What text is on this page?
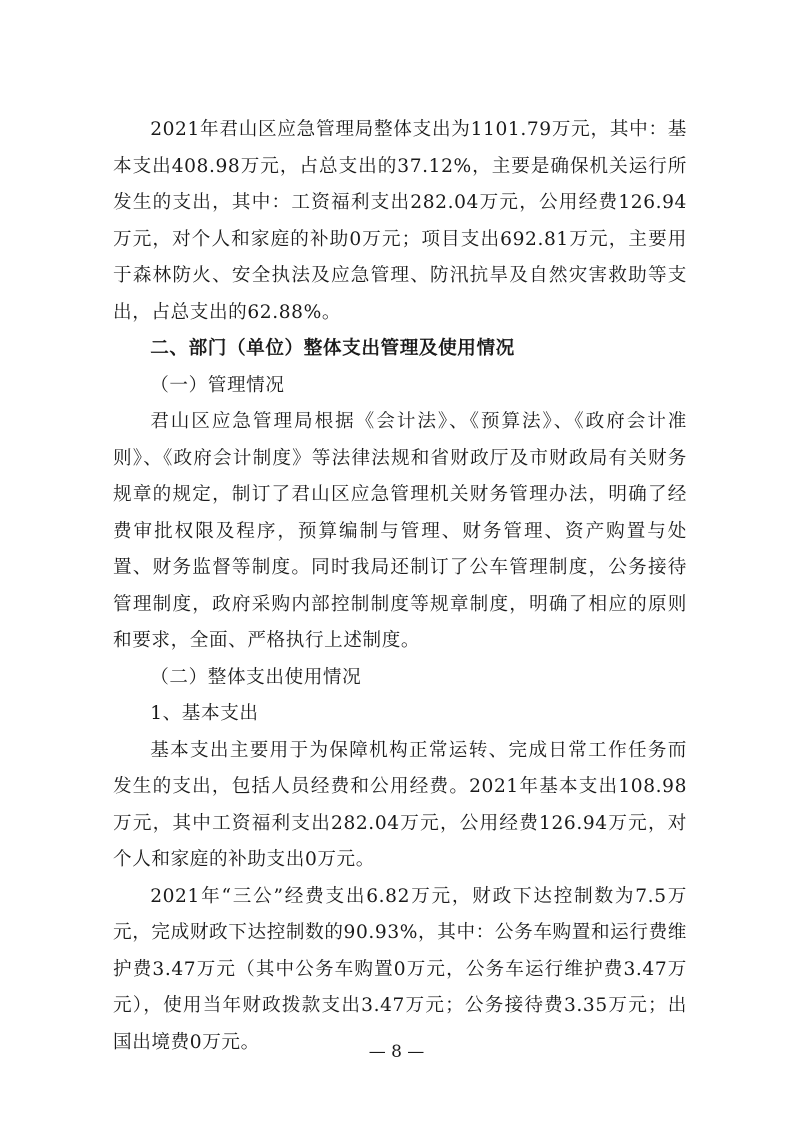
2021年君山区应急管理局整体支出为1101.79万元，其中：基本支出408.98万元，占总支出的37.12%，主要是确保机关运行所发生的支出，其中：工资福利支出282.04万元，公用经费126.94万元，对个人和家庭的补助0万元；项目支出692.81万元，主要用于森林防火、安全执法及应急管理、防汛抗旱及自然灾害救助等支出，占总支出的62.88%。

二、部门（单位）整体支出管理及使用情况

（一）管理情况

君山区应急管理局根据《会计法》、《预算法》、《政府会计准则》、《政府会计制度》等法律法规和省财政厅及市财政局有关财务规章的规定，制订了君山区应急管理机关财务管理办法，明确了经费审批权限及程序，预算编制与管理、财务管理、资产购置与处置、财务监督等制度。同时我局还制订了公车管理制度，公务接待管理制度，政府采购内部控制制度等规章制度，明确了相应的原则和要求，全面、严格执行上述制度。

（二）整体支出使用情况

1、基本支出

基本支出主要用于为保障机构正常运转、完成日常工作任务而发生的支出，包括人员经费和公用经费。2021年基本支出108.98万元，其中工资福利支出282.04万元，公用经费126.94万元，对个人和家庭的补助支出0万元。

2021年“三公”经费支出6.82万元，财政下达控制数为7.5万元，完成财政下达控制数的90.93%，其中：公务车购置和运行费维护费3.47万元（其中公务车购置0万元，公务车运行维护费3.47万元），使用当年财政拨款支出3.47万元；公务接待费3.35万元；出国出境费0万元。	— 8 —
